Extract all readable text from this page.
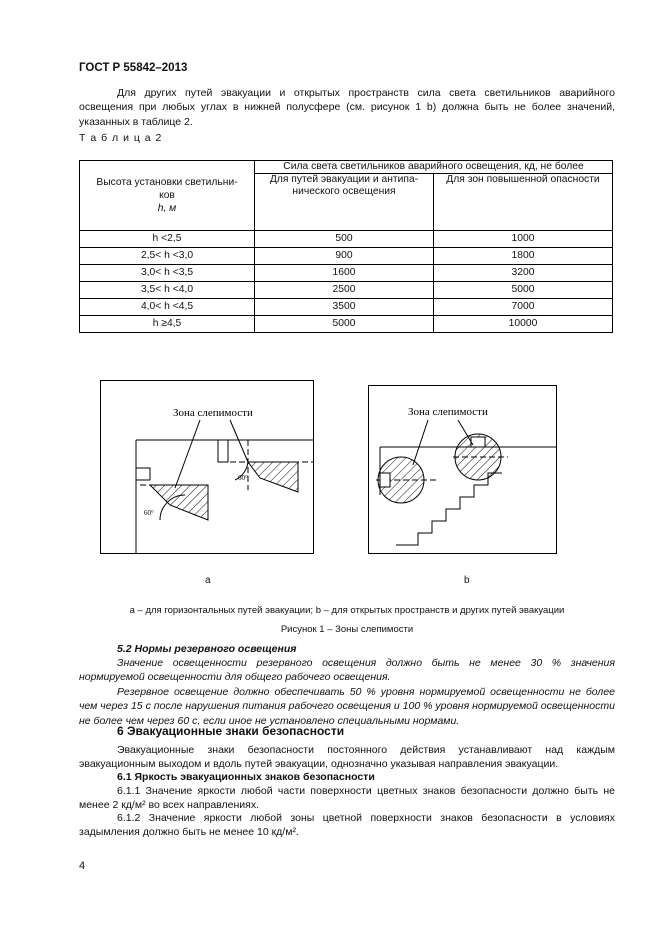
ГОСТ Р 55842–2013
Для других путей эвакуации и открытых пространств сила света светильников аварийного освещения при любых углах в нижней полусфере (см. рисунок 1 b) должна быть не более значений, указанных в таблице 2.
Т а б л и ц а 2
Высота установки светильни-
ков
h, м	Сила света светильников аварийного освещения, кд, не более	

	Для путей эвакуации и антипа-
нического освещения	Для зон повышенной опасности
h <2,5	500	1000
2,5< h <3,0	900	1800
3,0< h <3,5	1600	3200
3,5< h <4,0	2500	5000
4,0< h <4,5	3500	7000
h ≥4,5	5000	10000
Зона слепимости
60°
60°
Зона слепимости
a	b
a – для горизонтальных путей эвакуации; b – для открытых пространств и других путей эвакуации
Рисунок 1 – Зоны слепимости
5.2 Нормы резервного освещения
Значение освещенности резервного освещения должно быть не менее 30 % значения нормируемой освещенности для общего рабочего освещения.
Резервное освещение должно обеспечивать 50 % уровня нормируемой освещенности не более чем через 15 с после нарушения питания рабочего освещения и 100 % уровня нормируемой освещенности не более чем через 60 с, если иное не установлено специальными нормами.
6 Эвакуационные знаки безопасности
Эвакуационные знаки безопасности постоянного действия устанавливают над каждым эвакуационным выходом и вдоль путей эвакуации, однозначно указывая направления эвакуации.
6.1 Яркость эвакуационных знаков безопасности
6.1.1 Значение яркости любой части поверхности цветных знаков безопасности должно быть не менее 2 кд/м² во всех направлениях.
6.1.2 Значение яркости любой зоны цветной поверхности знаков безопасности в условиях задымления должно быть не менее 10 кд/м².
4
